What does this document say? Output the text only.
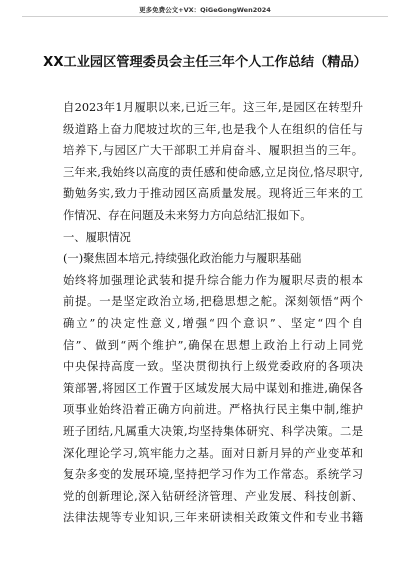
更多免费公文+VX：QiGeGongWen2024
XX工业园区管理委员会主任三年个人工作总结（精品）
自2023年1月履职以来,已近三年。这三年,是园区在转型升
级道路上奋力爬坡过坎的三年,也是我个人在组织的信任与
培养下,与园区广大干部职工并肩奋斗、履职担当的三年。
三年来,我始终以高度的责任感和使命感,立足岗位,恪尽职守,
勤勉务实,致力于推动园区高质量发展。现将近三年来的工
作情况、存在问题及未来努力方向总结汇报如下。
一、履职情况
(一)聚焦固本培元,持续强化政治能力与履职基础
始终将加强理论武装和提升综合能力作为履职尽责的根本
前提。一是坚定政治立场,把稳思想之舵。深刻领悟“两个
确立”的决定性意义,增强“四个意识”、坚定“四个自
信”、做到“两个维护”,确保在思想上政治上行动上同党
中央保持高度一致。坚决贯彻执行上级党委政府的各项决
策部署,将园区工作置于区域发展大局中谋划和推进,确保各
项事业始终沿着正确方向前进。严格执行民主集中制,维护
班子团结,凡属重大决策,均坚持集体研究、科学决策。二是
深化理论学习,筑牢能力之基。面对日新月异的产业变革和
复杂多变的发展环境,坚持把学习作为工作常态。系统学习
党的创新理论,深入钻研经济管理、产业发展、科技创新、
法律法规等专业知识,三年来研读相关政策文件和专业书籍
